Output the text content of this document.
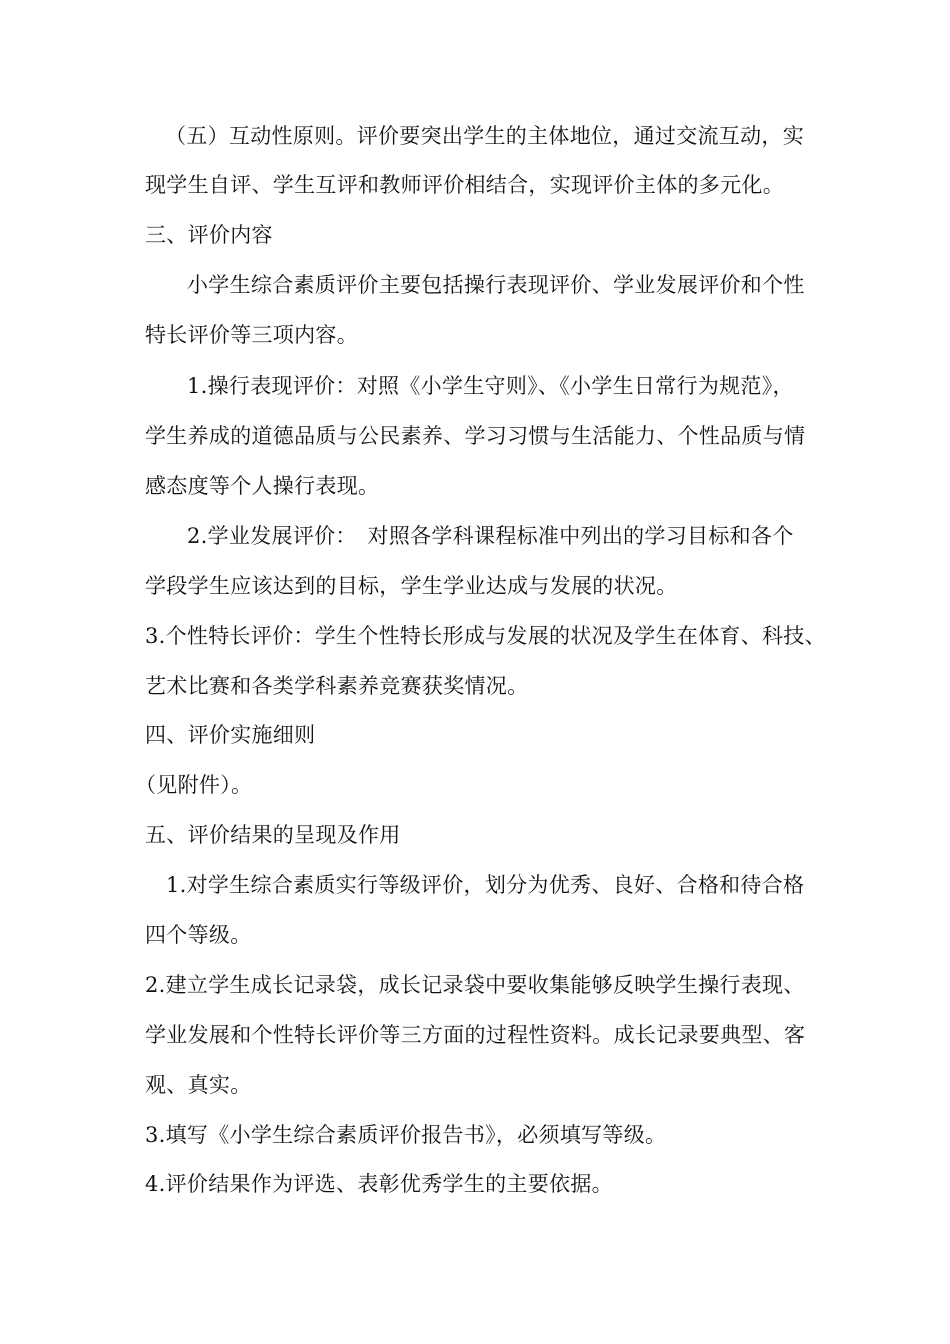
（五）互动性原则。评价要突出学生的主体地位，通过交流互动，实
现学生自评、学生互评和教师评价相结合，实现评价主体的多元化。
三、评价内容
小学生综合素质评价主要包括操行表现评价、学业发展评价和个性
特长评价等三项内容。
1.操行表现评价：对照《小学生守则》、《小学生日常行为规范》，
学生养成的道德品质与公民素养、学习习惯与生活能力、个性品质与情
感态度等个人操行表现。
2.学业发展评价：　对照各学科课程标准中列出的学习目标和各个
学段学生应该达到的目标，学生学业达成与发展的状况。
3.个性特长评价：学生个性特长形成与发展的状况及学生在体育、科技、
艺术比赛和各类学科素养竞赛获奖情况。
四、评价实施细则
（见附件）。
五、评价结果的呈现及作用
1.对学生综合素质实行等级评价，划分为优秀、良好、合格和待合格
四个等级。
2.建立学生成长记录袋，成长记录袋中要收集能够反映学生操行表现、
学业发展和个性特长评价等三方面的过程性资料。成长记录要典型、客
观、真实。
3.填写《小学生综合素质评价报告书》，必须填写等级。
4.评价结果作为评选、表彰优秀学生的主要依据。
